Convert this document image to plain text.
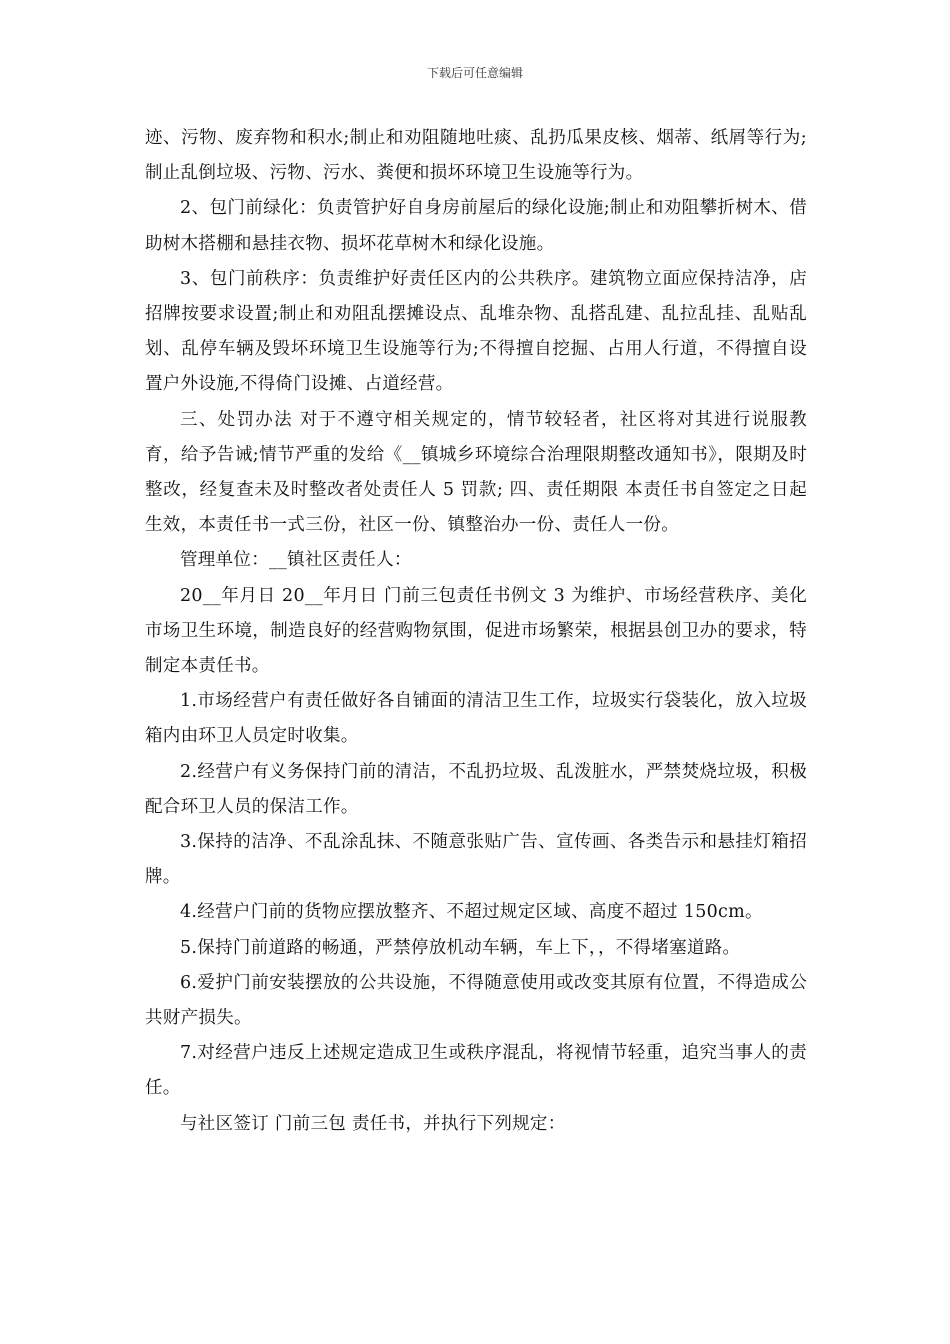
下载后可任意编辑

迹、污物、废弃物和积水;制止和劝阻随地吐痰、乱扔瓜果皮核、烟蒂、纸屑等行为;制止乱倒垃圾、污物、污水、粪便和损坏环境卫生设施等行为。

2、包门前绿化：负责管护好自身房前屋后的绿化设施;制止和劝阻攀折树木、借助树木搭棚和悬挂衣物、损坏花草树木和绿化设施。

3、包门前秩序：负责维护好责任区内的公共秩序。建筑物立面应保持洁净，店招牌按要求设置;制止和劝阻乱摆摊设点、乱堆杂物、乱搭乱建、乱拉乱挂、乱贴乱划、乱停车辆及毁坏环境卫生设施等行为;不得擅自挖掘、占用人行道，不得擅自设置户外设施,不得倚门设摊、占道经营。

三、处罚办法 对于不遵守相关规定的，情节较轻者，社区将对其进行说服教育，给予告诫;情节严重的发给《__镇城乡环境综合治理限期整改通知书》，限期及时整改，经复查未及时整改者处责任人 5 罚款; 四、责任期限 本责任书自签定之日起生效，本责任书一式三份，社区一份、镇整治办一份、责任人一份。

管理单位：__镇社区责任人：

20__年月日 20__年月日 门前三包责任书例文 3 为维护、市场经营秩序、美化市场卫生环境，制造良好的经营购物氛围，促进市场繁荣，根据县创卫办的要求，特制定本责任书。

1.市场经营户有责任做好各自铺面的清洁卫生工作，垃圾实行袋装化，放入垃圾箱内由环卫人员定时收集。

2.经营户有义务保持门前的清洁，不乱扔垃圾、乱泼脏水，严禁焚烧垃圾，积极配合环卫人员的保洁工作。

3.保持的洁净、不乱涂乱抹、不随意张贴广告、宣传画、各类告示和悬挂灯箱招牌。

4.经营户门前的货物应摆放整齐、不超过规定区域、高度不超过 150cm。

5.保持门前道路的畅通，严禁停放机动车辆，车上下，，不得堵塞道路。

6.爱护门前安装摆放的公共设施，不得随意使用或改变其原有位置，不得造成公共财产损失。

7.对经营户违反上述规定造成卫生或秩序混乱，将视情节轻重，追究当事人的责任。

与社区签订 门前三包 责任书，并执行下列规定：
